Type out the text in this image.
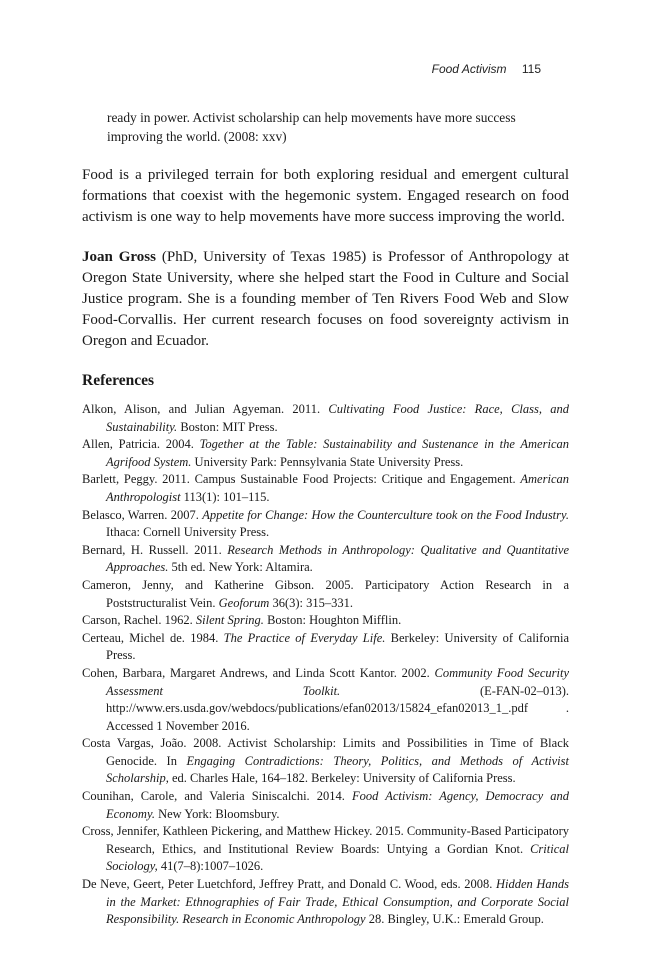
Food Activism 115

ready in power. Activist scholarship can help movements have more success improving the world. (2008: xxv)

Food is a privileged terrain for both exploring residual and emergent cultural formations that coexist with the hegemonic system. Engaged research on food activism is one way to help movements have more success improving the world.

Joan Gross (PhD, University of Texas 1985) is Professor of Anthropology at Oregon State University, where she helped start the Food in Culture and Social Justice program. She is a founding member of Ten Rivers Food Web and Slow Food-Corvallis. Her current research focuses on food sovereignty activism in Oregon and Ecuador.

References
Alkon, Alison, and Julian Agyeman. 2011. Cultivating Food Justice: Race, Class, and Sustainability. Boston: MIT Press.
Allen, Patricia. 2004. Together at the Table: Sustainability and Sustenance in the American Agrifood System. University Park: Pennsylvania State University Press.
Barlett, Peggy. 2011. Campus Sustainable Food Projects: Critique and Engagement. American Anthropologist 113(1): 101–115.
Belasco, Warren. 2007. Appetite for Change: How the Counterculture took on the Food Industry. Ithaca: Cornell University Press.
Bernard, H. Russell. 2011. Research Methods in Anthropology: Qualitative and Quantitative Approaches. 5th ed. New York: Altamira.
Cameron, Jenny, and Katherine Gibson. 2005. Participatory Action Research in a Poststructuralist Vein. Geoforum 36(3): 315–331.
Carson, Rachel. 1962. Silent Spring. Boston: Houghton Mifflin.
Certeau, Michel de. 1984. The Practice of Everyday Life. Berkeley: University of California Press.
Cohen, Barbara, Margaret Andrews, and Linda Scott Kantor. 2002. Community Food Security Assessment Toolkit. (E-FAN-02–013). http://www.ers.usda.gov/webdocs/publications/efan02013/15824_efan02013_1_.pdf . Accessed 1 November 2016.
Costa Vargas, João. 2008. Activist Scholarship: Limits and Possibilities in Time of Black Genocide. In Engaging Contradictions: Theory, Politics, and Methods of Activist Scholarship, ed. Charles Hale, 164–182. Berkeley: University of California Press.
Counihan, Carole, and Valeria Siniscalchi. 2014. Food Activism: Agency, Democracy and Economy. New York: Bloomsbury.
Cross, Jennifer, Kathleen Pickering, and Matthew Hickey. 2015. Community-Based Participatory Research, Ethics, and Institutional Review Boards: Untying a Gordian Knot. Critical Sociology, 41(7–8):1007–1026.
De Neve, Geert, Peter Luetchford, Jeffrey Pratt, and Donald C. Wood, eds. 2008. Hidden Hands in the Market: Ethnographies of Fair Trade, Ethical Consumption, and Corporate Social Responsibility. Research in Economic Anthropology 28. Bingley, U.K.: Emerald Group.
